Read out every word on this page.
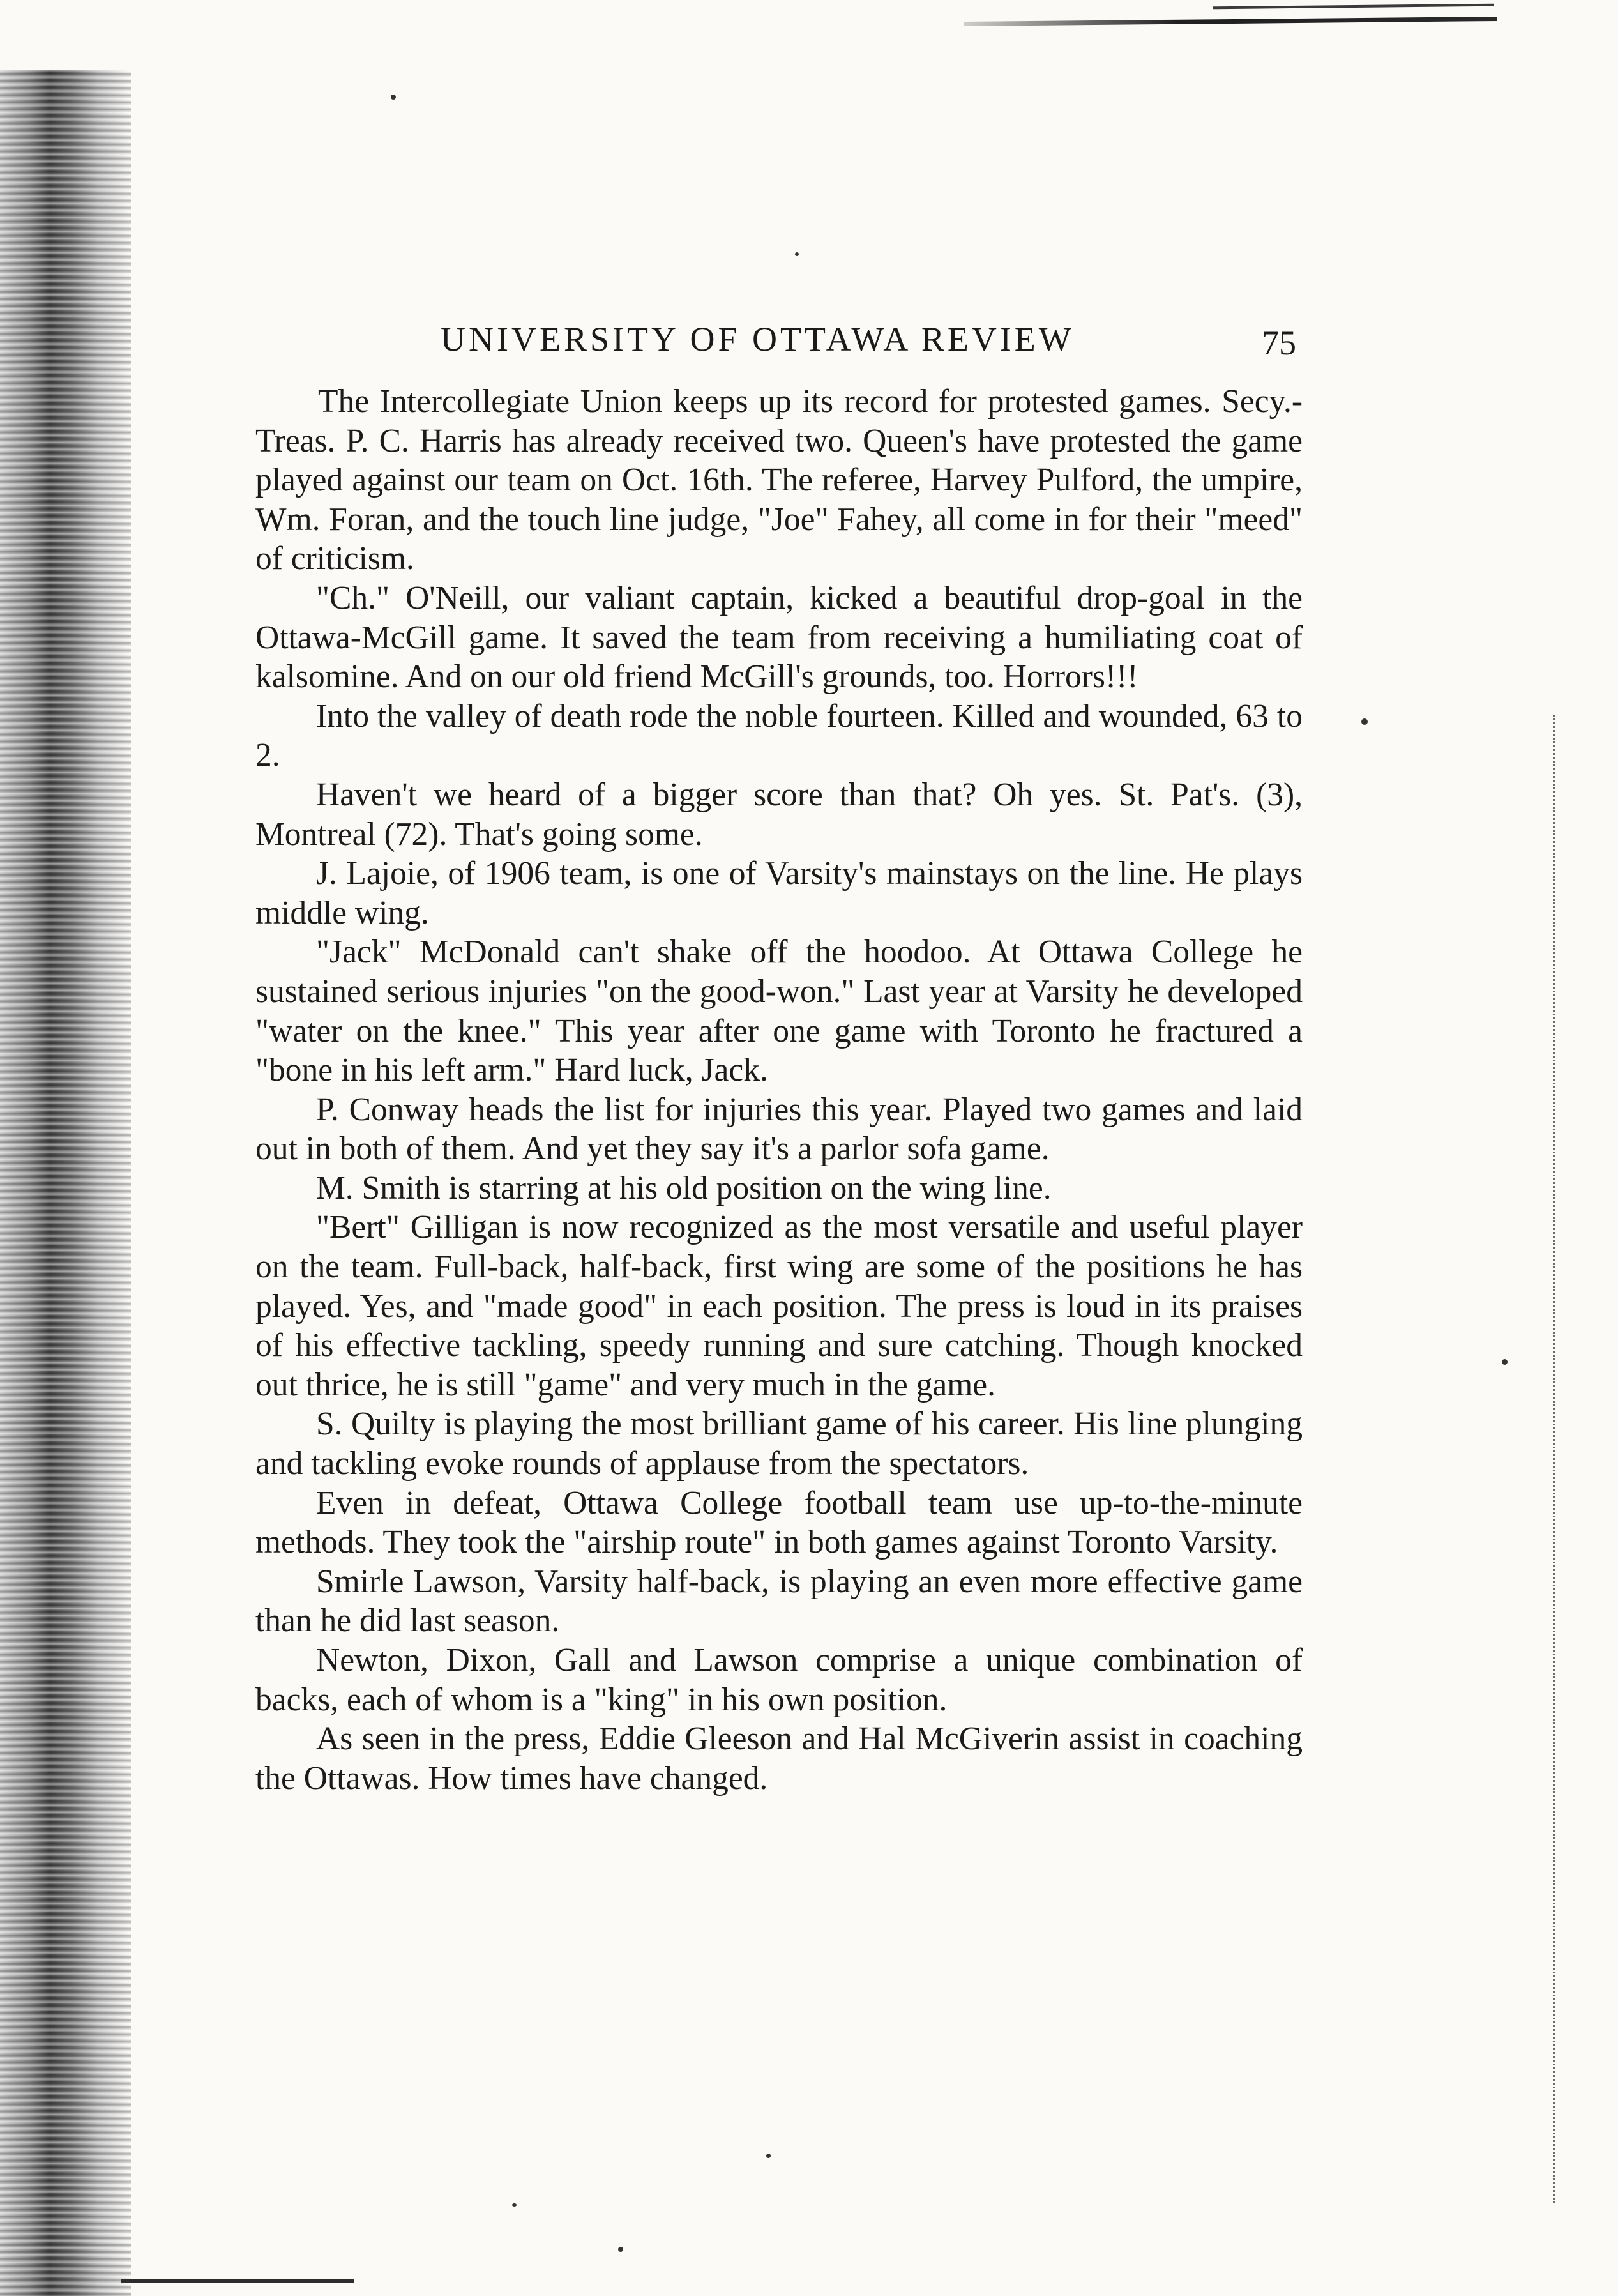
UNIVERSITY OF OTTAWA REVIEW	75

The Intercollegiate Union keeps up its record for protested games. Secy.-Treas. P. C. Harris has already received two. Queen's have protested the game played against our team on Oct. 16th. The referee, Harvey Pulford, the umpire, Wm. Foran, and the touch line judge, "Joe" Fahey, all come in for their "meed" of criticism.

"Ch." O'Neill, our valiant captain, kicked a beautiful drop-goal in the Ottawa-McGill game. It saved the team from receiving a humiliating coat of kalsomine. And on our old friend McGill's grounds, too. Horrors!!!

Into the valley of death rode the noble fourteen. Killed and wounded, 63 to 2.

Haven't we heard of a bigger score than that? Oh yes. St. Pat's. (3), Montreal (72). That's going some.

J. Lajoie, of 1906 team, is one of Varsity's mainstays on the line. He plays middle wing.

"Jack" McDonald can't shake off the hoodoo. At Ottawa College he sustained serious injuries "on the good-won." Last year at Varsity he developed "water on the knee." This year after one game with Toronto he fractured a "bone in his left arm." Hard luck, Jack.

P. Conway heads the list for injuries this year. Played two games and laid out in both of them. And yet they say it's a parlor sofa game.

M. Smith is starring at his old position on the wing line.

"Bert" Gilligan is now recognized as the most versatile and useful player on the team. Full-back, half-back, first wing are some of the positions he has played. Yes, and "made good" in each position. The press is loud in its praises of his effective tackling, speedy running and sure catching. Though knocked out thrice, he is still "game" and very much in the game.

S. Quilty is playing the most brilliant game of his career. His line plunging and tackling evoke rounds of applause from the spectators.

Even in defeat, Ottawa College football team use up-to-the-minute methods. They took the "airship route" in both games against Toronto Varsity.

Smirle Lawson, Varsity half-back, is playing an even more effective game than he did last season.

Newton, Dixon, Gall and Lawson comprise a unique combination of backs, each of whom is a "king" in his own position.

As seen in the press, Eddie Gleeson and Hal McGiverin assist in coaching the Ottawas. How times have changed.
